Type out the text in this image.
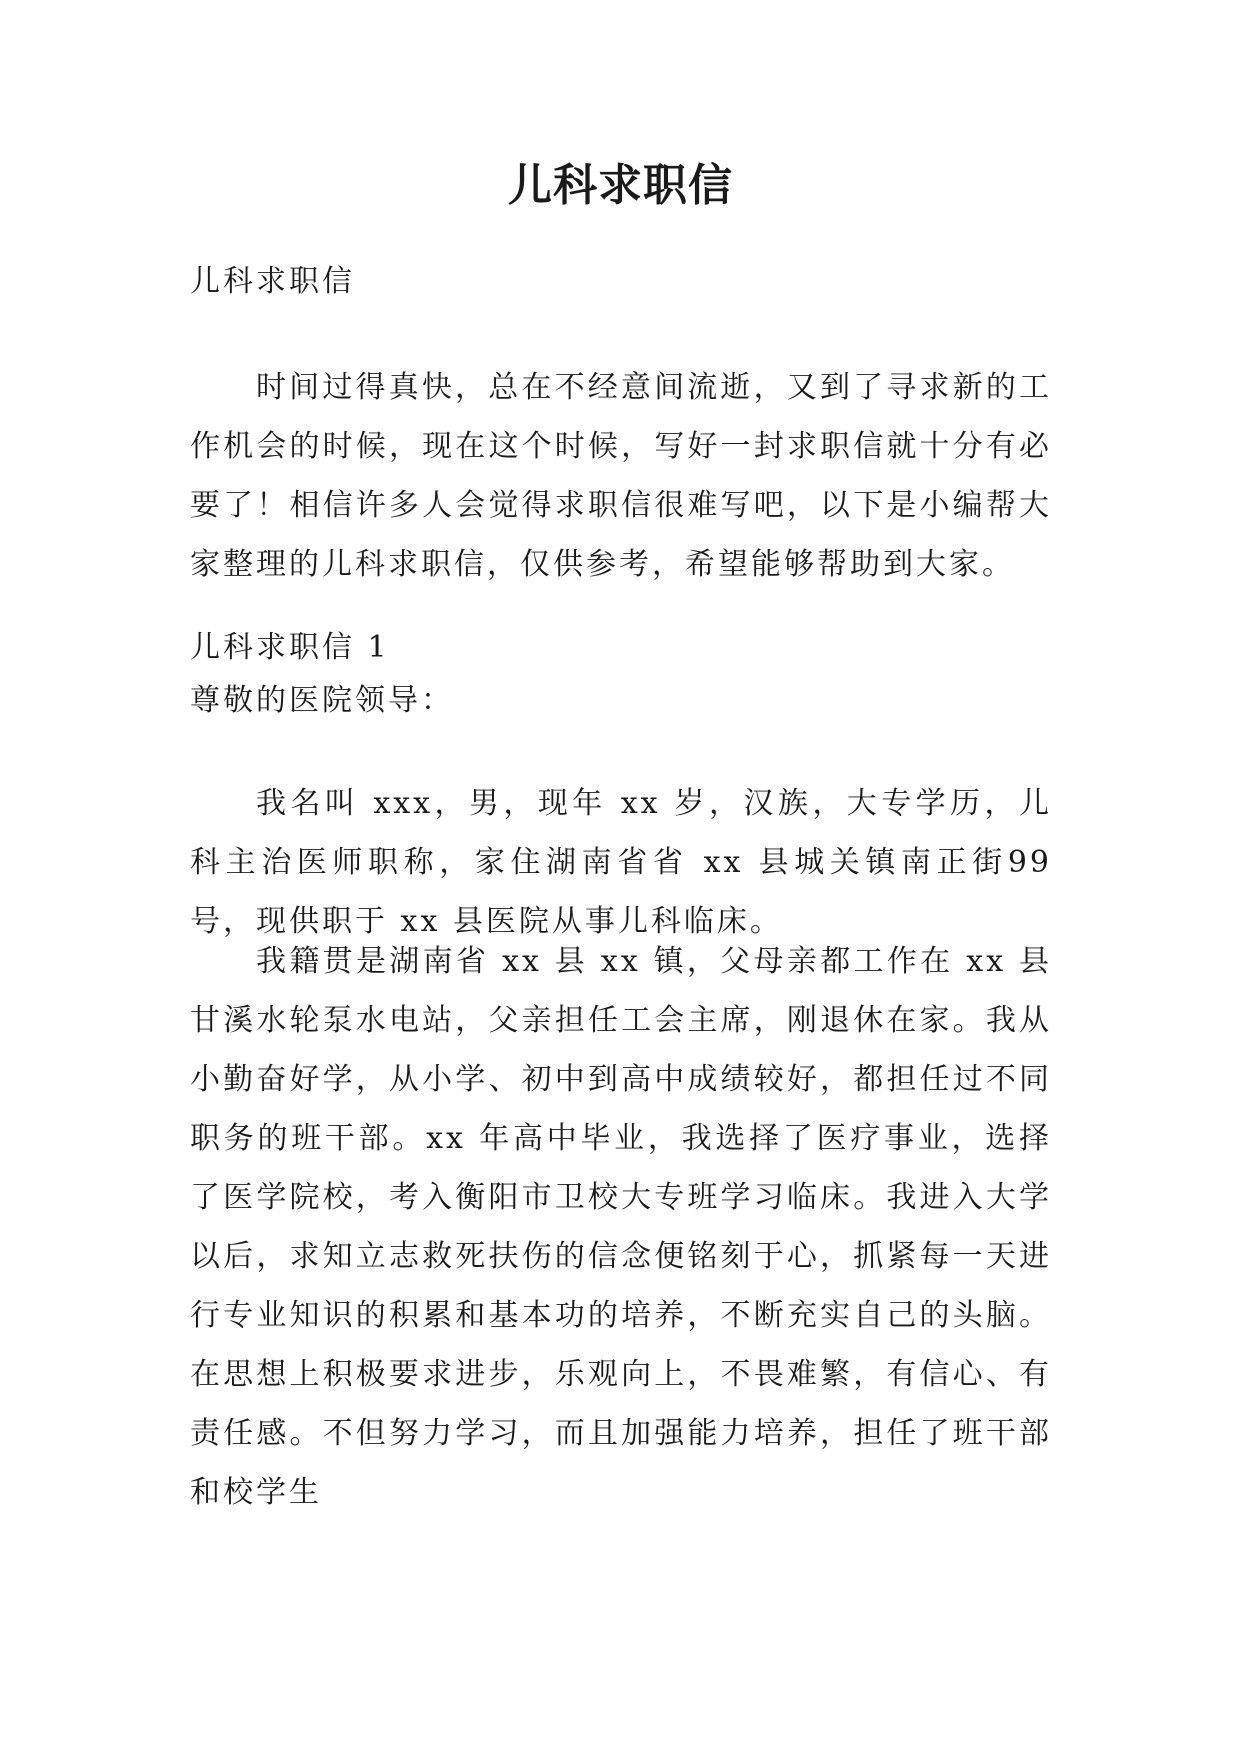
儿科求职信

儿科求职信

时间过得真快，总在不经意间流逝，又到了寻求新的工作机会的时候，现在这个时候，写好一封求职信就十分有必要了！相信许多人会觉得求职信很难写吧，以下是小编帮大家整理的儿科求职信，仅供参考，希望能够帮助到大家。

儿科求职信 1

尊敬的医院领导：

我名叫 xxx，男，现年 xx 岁，汉族，大专学历，儿科主治医师职称，家住湖南省省 xx 县城关镇南正街99号，现供职于 xx 县医院从事儿科临床。

我籍贯是湖南省 xx 县 xx 镇，父母亲都工作在 xx 县甘溪水轮泵水电站，父亲担任工会主席，刚退休在家。我从小勤奋好学，从小学、初中到高中成绩较好，都担任过不同职务的班干部。xx 年高中毕业，我选择了医疗事业，选择了医学院校，考入衡阳市卫校大专班学习临床。我进入大学以后，求知立志救死扶伤的信念便铭刻于心，抓紧每一天进行专业知识的积累和基本功的培养，不断充实自己的头脑。在思想上积极要求进步，乐观向上，不畏难繁，有信心、有责任感。不但努力学习，而且加强能力培养，担任了班干部和校学生
